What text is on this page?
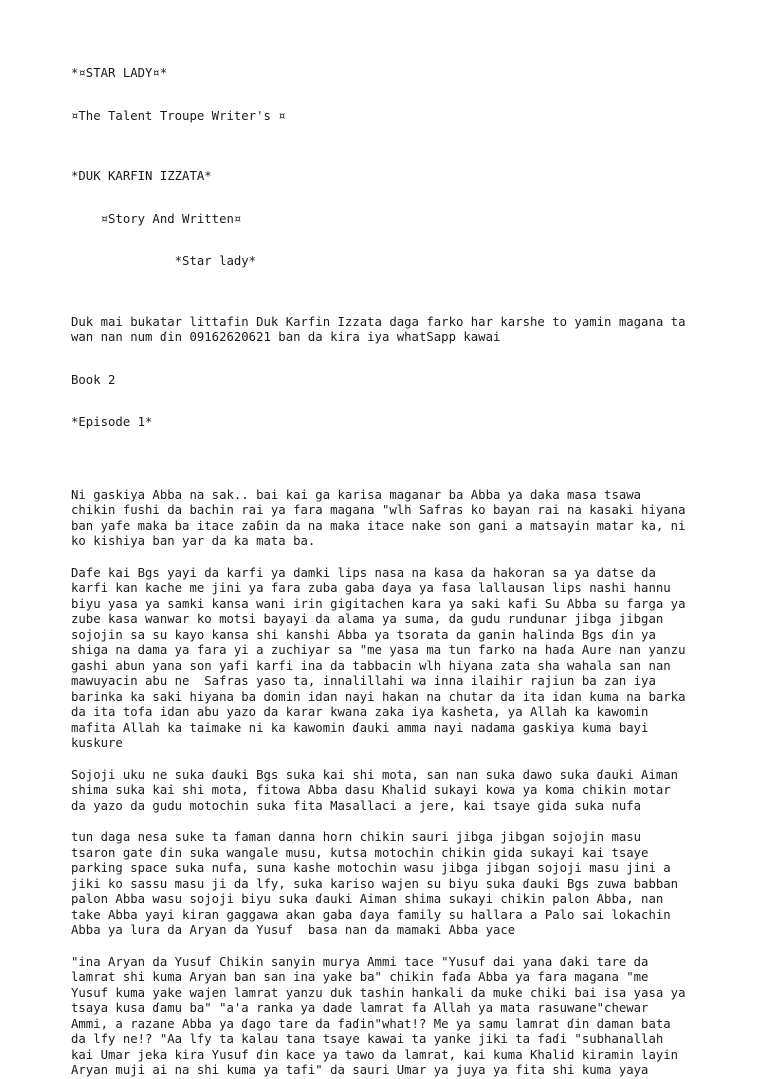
*¤STAR LADY¤*
¤The Talent Troupe Writer's ¤
*DUK KARFIN IZZATA*
¤Story And Written¤
*Star lady*
Duk mai bukatar littafin Duk Karfin Izzata daga farko har karshe to yamin magana ta
wan nan num ɗin 09162620621 ban da kira iya whatSapp kawai
Book 2
*Episode 1*
Ni gaskiya Abba na sak.. bai kai ga karisa maganar ba Abba ya daka masa tsawa
chikin fushi da bachin rai ya fara magana "wlh Safras ko bayan rai na kasaki hiyana
ban yafe maka ba itace zaɓin da na maka itace nake son gani a matsayin matar ka, ni
ko kishiya ban yar da ka mata ba.
Dafe kai Bgs yayi da karfi ya damki lips nasa na kasa da hakoran sa ya datse da
karfi kan kache me jini ya fara zuba gaba ɗaya ya fasa lallausan lips nashi hannu
biyu yasa ya samki kansa wani irin gigitachen kara ya saki kafi Su Abba su farga ya
zube kasa wanwar ko motsi bayayi da alama ya suma, da gudu rundunar jibga jibgan
sojojin sa su kayo kansa shi kanshi Abba ya tsorata da ganin halinda Bgs ɗin ya
shiga na dama ya fara yi a zuchiyar sa "me yasa ma tun farko na haɗa Aure nan yanzu
gashi abun yana son yafi karfi ina da tabbacin wlh hiyana zata sha wahala san nan
mawuyacin abu ne  Safras yaso ta, innalillahi wa inna ilaihir rajiun ba zan iya
barinka ka saki hiyana ba domin idan nayi hakan na chutar da ita idan kuma na barka
da ita tofa idan abu yazo da karar kwana zaka iya kasheta, ya Allah ka kawomin
mafita Allah ka taimake ni ka kawomin ɗauki amma nayi nadama gaskiya kuma bayi
kuskure
Sojoji uku ne suka ɗauki Bgs suka kai shi mota, san nan suka dawo suka ɗauki Aiman
shima suka kai shi mota, fitowa Abba dasu Khalid sukayi kowa ya koma chikin motar
da yazo da gudu motochin suka fita Masallaci a jere, kai tsaye gida suka nufa
tun daga nesa suke ta faman danna horn chikin sauri jibga jibgan sojojin masu
tsaron gate ɗin suka wangale musu, kutsa motochin chikin gida sukayi kai tsaye
parking space suka nufa, suna kashe motochin wasu jibga jibgan sojoji masu jini a
jiki ko sassu masu ji da lfy, suka kariso wajen su biyu suka ɗauki Bgs zuwa babban
palon Abba wasu sojoji biyu suka ɗauki Aiman shima sukayi chikin palon Abba, nan
take Abba yayi kiran gaggawa akan gaba ɗaya family su hallara a Palo sai lokachin
Abba ya lura da Aryan da Yusuf  basa nan da mamaki Abba yace
"ina Aryan da Yusuf Chikin sanyin murya Ammi tace "Yusuf dai yana ɗaki tare da
lamrat shi kuma Aryan ban san ina yake ba" chikin faɗa Abba ya fara magana "me
Yusuf kuma yake wajen lamrat yanzu duk tashin hankali da muke chiki bai isa yasa ya
tsaya kusa ɗamu ba" "a'a ranka ya dade lamrat fa Allah ya mata rasuwane"chewar
Ammi, a razane Abba ya ɗago tare da faɗin"what!? Me ya samu lamrat ɗin daman bata
da lfy ne!? "Aa lfy ta kalau tana tsaye kawai ta yanke jiki ta faɗi "subhanallah
kai Umar jeka kira Yusuf ɗin kace ya tawo da lamrat, kai kuma Khalid kiramin layin
Aryan muji ai na shi kuma ya tafi" da sauri Umar ya juya ya fita shi kuma yaya
